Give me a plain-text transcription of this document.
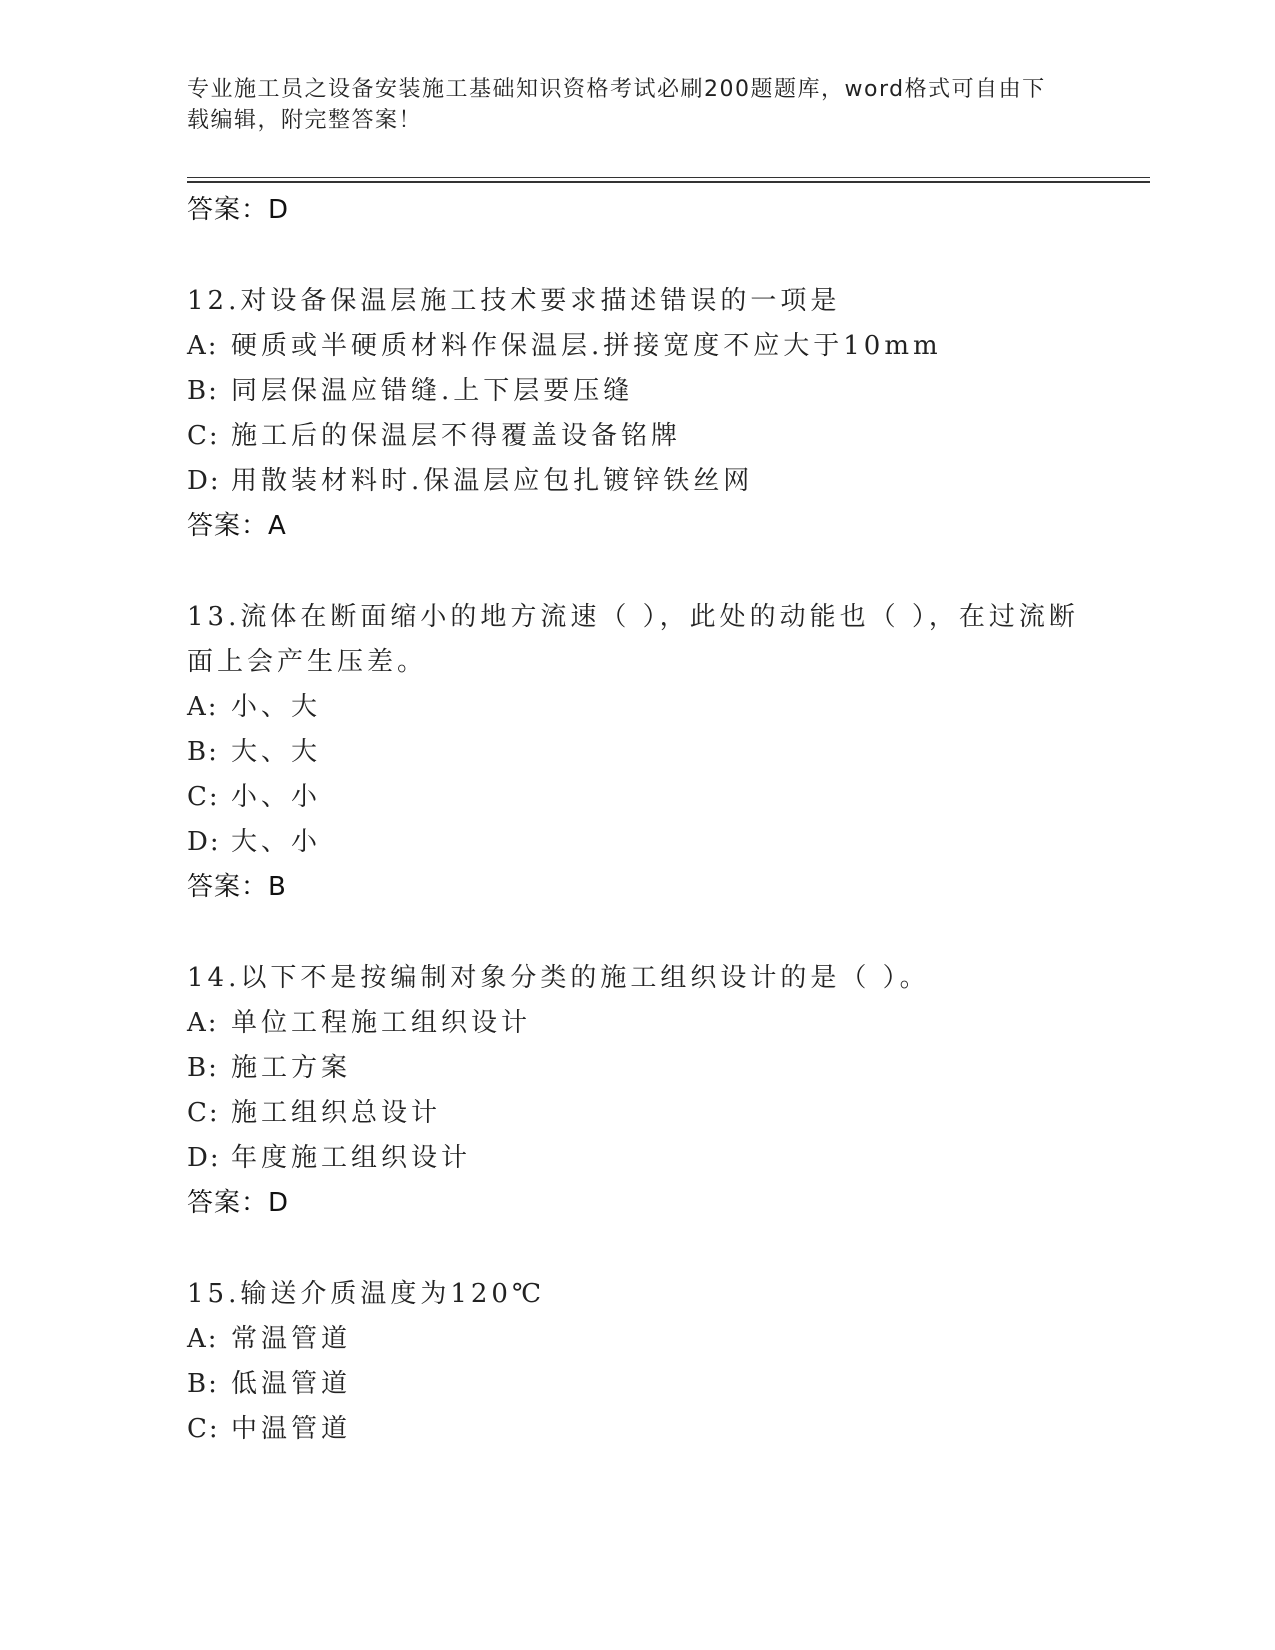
专业施工员之设备安装施工基础知识资格考试必刷200题题库，word格式可自由下载编辑，附完整答案！
答案：D
12.对设备保温层施工技术要求描述错误的一项是
A: 硬质或半硬质材料作保温层.拼接宽度不应大于10mm
B: 同层保温应错缝.上下层要压缝
C: 施工后的保温层不得覆盖设备铭牌
D: 用散装材料时.保温层应包扎镀锌铁丝网
答案：A
13.流体在断面缩小的地方流速（ ），此处的动能也（ ），在过流断面上会产生压差。
A: 小、大
B: 大、大
C: 小、小
D: 大、小
答案：B
14.以下不是按编制对象分类的施工组织设计的是（ ）。
A: 单位工程施工组织设计
B: 施工方案
C: 施工组织总设计
D: 年度施工组织设计
答案：D
15.输送介质温度为120℃
A: 常温管道
B: 低温管道
C: 中温管道
